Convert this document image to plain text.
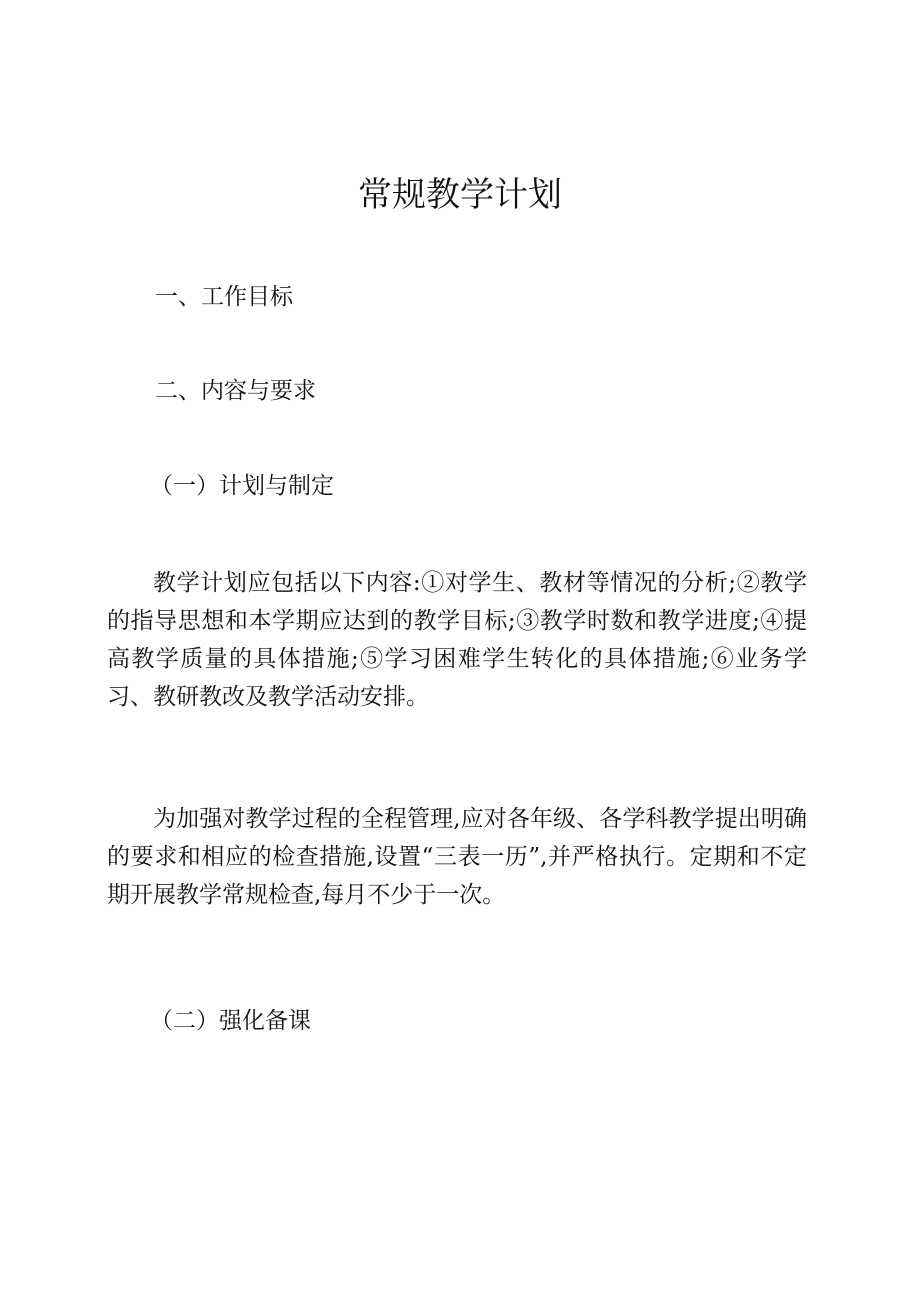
常规教学计划
一、工作目标
二、内容与要求
（一）计划与制定
教学计划应包括以下内容:①对学生、教材等情况的分析;②教学的指导思想和本学期应达到的教学目标;③教学时数和教学进度;④提高教学质量的具体措施;⑤学习困难学生转化的具体措施;⑥业务学习、教研教改及教学活动安排。
为加强对教学过程的全程管理,应对各年级、各学科教学提出明确的要求和相应的检查措施,设置“三表一历”,并严格执行。定期和不定期开展教学常规检查,每月不少于一次。
（二）强化备课
